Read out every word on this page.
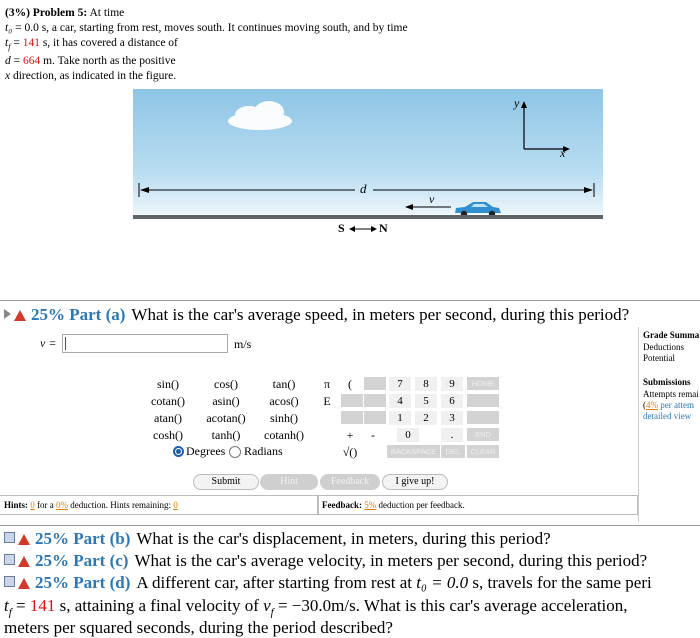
(3%) Problem 5: At time
t₀ = 0.0 s, a car, starting from rest, moves south. It continues moving south, and by time
$t_f = 141$ s, it has covered a distance of
d = 664 m. Take north as the positive
x direction, as indicated in the figure.
y
x
d
v
S	N
25% Part (a) What is the car's average speed, in meters per second, during this period?
v =	m/s
sin()	cos()	tan()
cotan()	asin()	acos()
atan()	acotan()	sinh()
cosh()	tanh()	cotanh()
π	(
E
+	-
√()
HOME
END
BACKSPACE	DEL	CLEAR
7	8	9
4	5	6
1	2	3
0	.
Degrees Radians
Submit	Hint	Feedback	I give up!
Hints: 0 for a 0% deduction. Hints remaining: 0	Feedback: 5% deduction per feedback.
Grade Summa
Deductions
Potential
Submissions
Attempts remai
(4% per attem
detailed view
25% Part (b) What is the car's displacement, in meters, during this period?
25% Part (c) What is the car's average velocity, in meters per second, during this period?
25% Part (d) A different car, after starting from rest at t₀ = 0.0 s, travels for the same peri
$t_f = 141$ s, attaining a final velocity of $v_f = -30.0m/s$. What is this car's average acceleration,
meters per squared seconds, during the period described?
